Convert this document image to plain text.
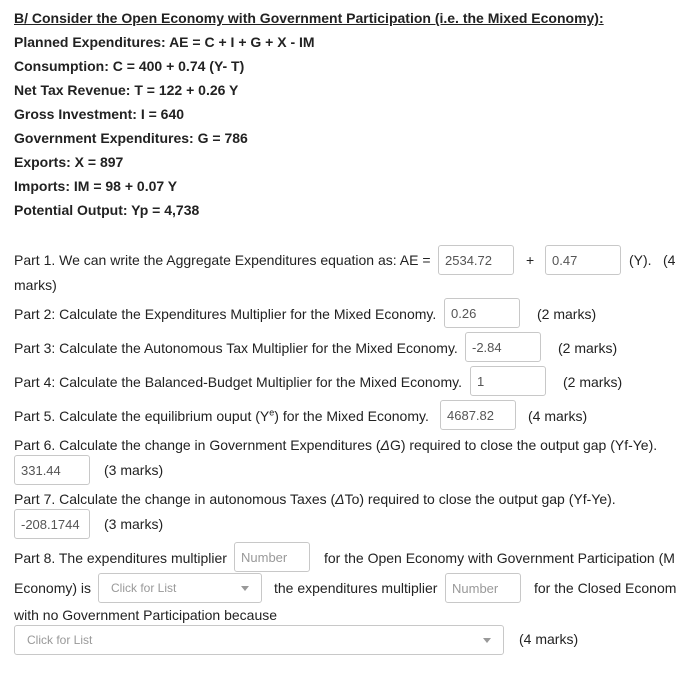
B/ Consider the Open Economy with Government Participation (i.e. the Mixed Economy):
Planned Expenditures: AE = C + I + G + X - IM
Consumption: C = 400 + 0.74 (Y- T)
Net Tax Revenue: T = 122 + 0.26 Y
Gross Investment: I = 640
Government Expenditures: G = 786
Exports: X = 897
Imports: IM = 98 + 0.07 Y
Potential Output: Yp = 4,738
Part 1. We can write the Aggregate Expenditures equation as: AE =
2534.72	+
0.47	(Y). (4
marks)
Part 2: Calculate the Expenditures Multiplier for the Mixed Economy.
0.26	(2 marks)
Part 3: Calculate the Autonomous Tax Multiplier for the Mixed Economy.
-2.84	(2 marks)
Part 4: Calculate the Balanced-Budget Multiplier for the Mixed Economy.
1	(2 marks)
Part 5. Calculate the equilibrium ouput $(Y^e)$ for the Mixed Economy.
4687.82	(4 marks)
Part 6. Calculate the change in Government Expenditures (ΔG) required to close the output gap (Yf-Ye).
331.44
(3 marks)
Part 7. Calculate the change in autonomous Taxes (ΔTo) required to close the output gap (Yf-Ye).
-208.1744
(3 marks)
Part 8. The expenditures multiplier
Number	for the Open Economy with Government Participation (M
Economy) is	Click for List	the expenditures multiplier
Number	for the Closed Econom
with no Government Participation because
Click for List	(4 marks)
